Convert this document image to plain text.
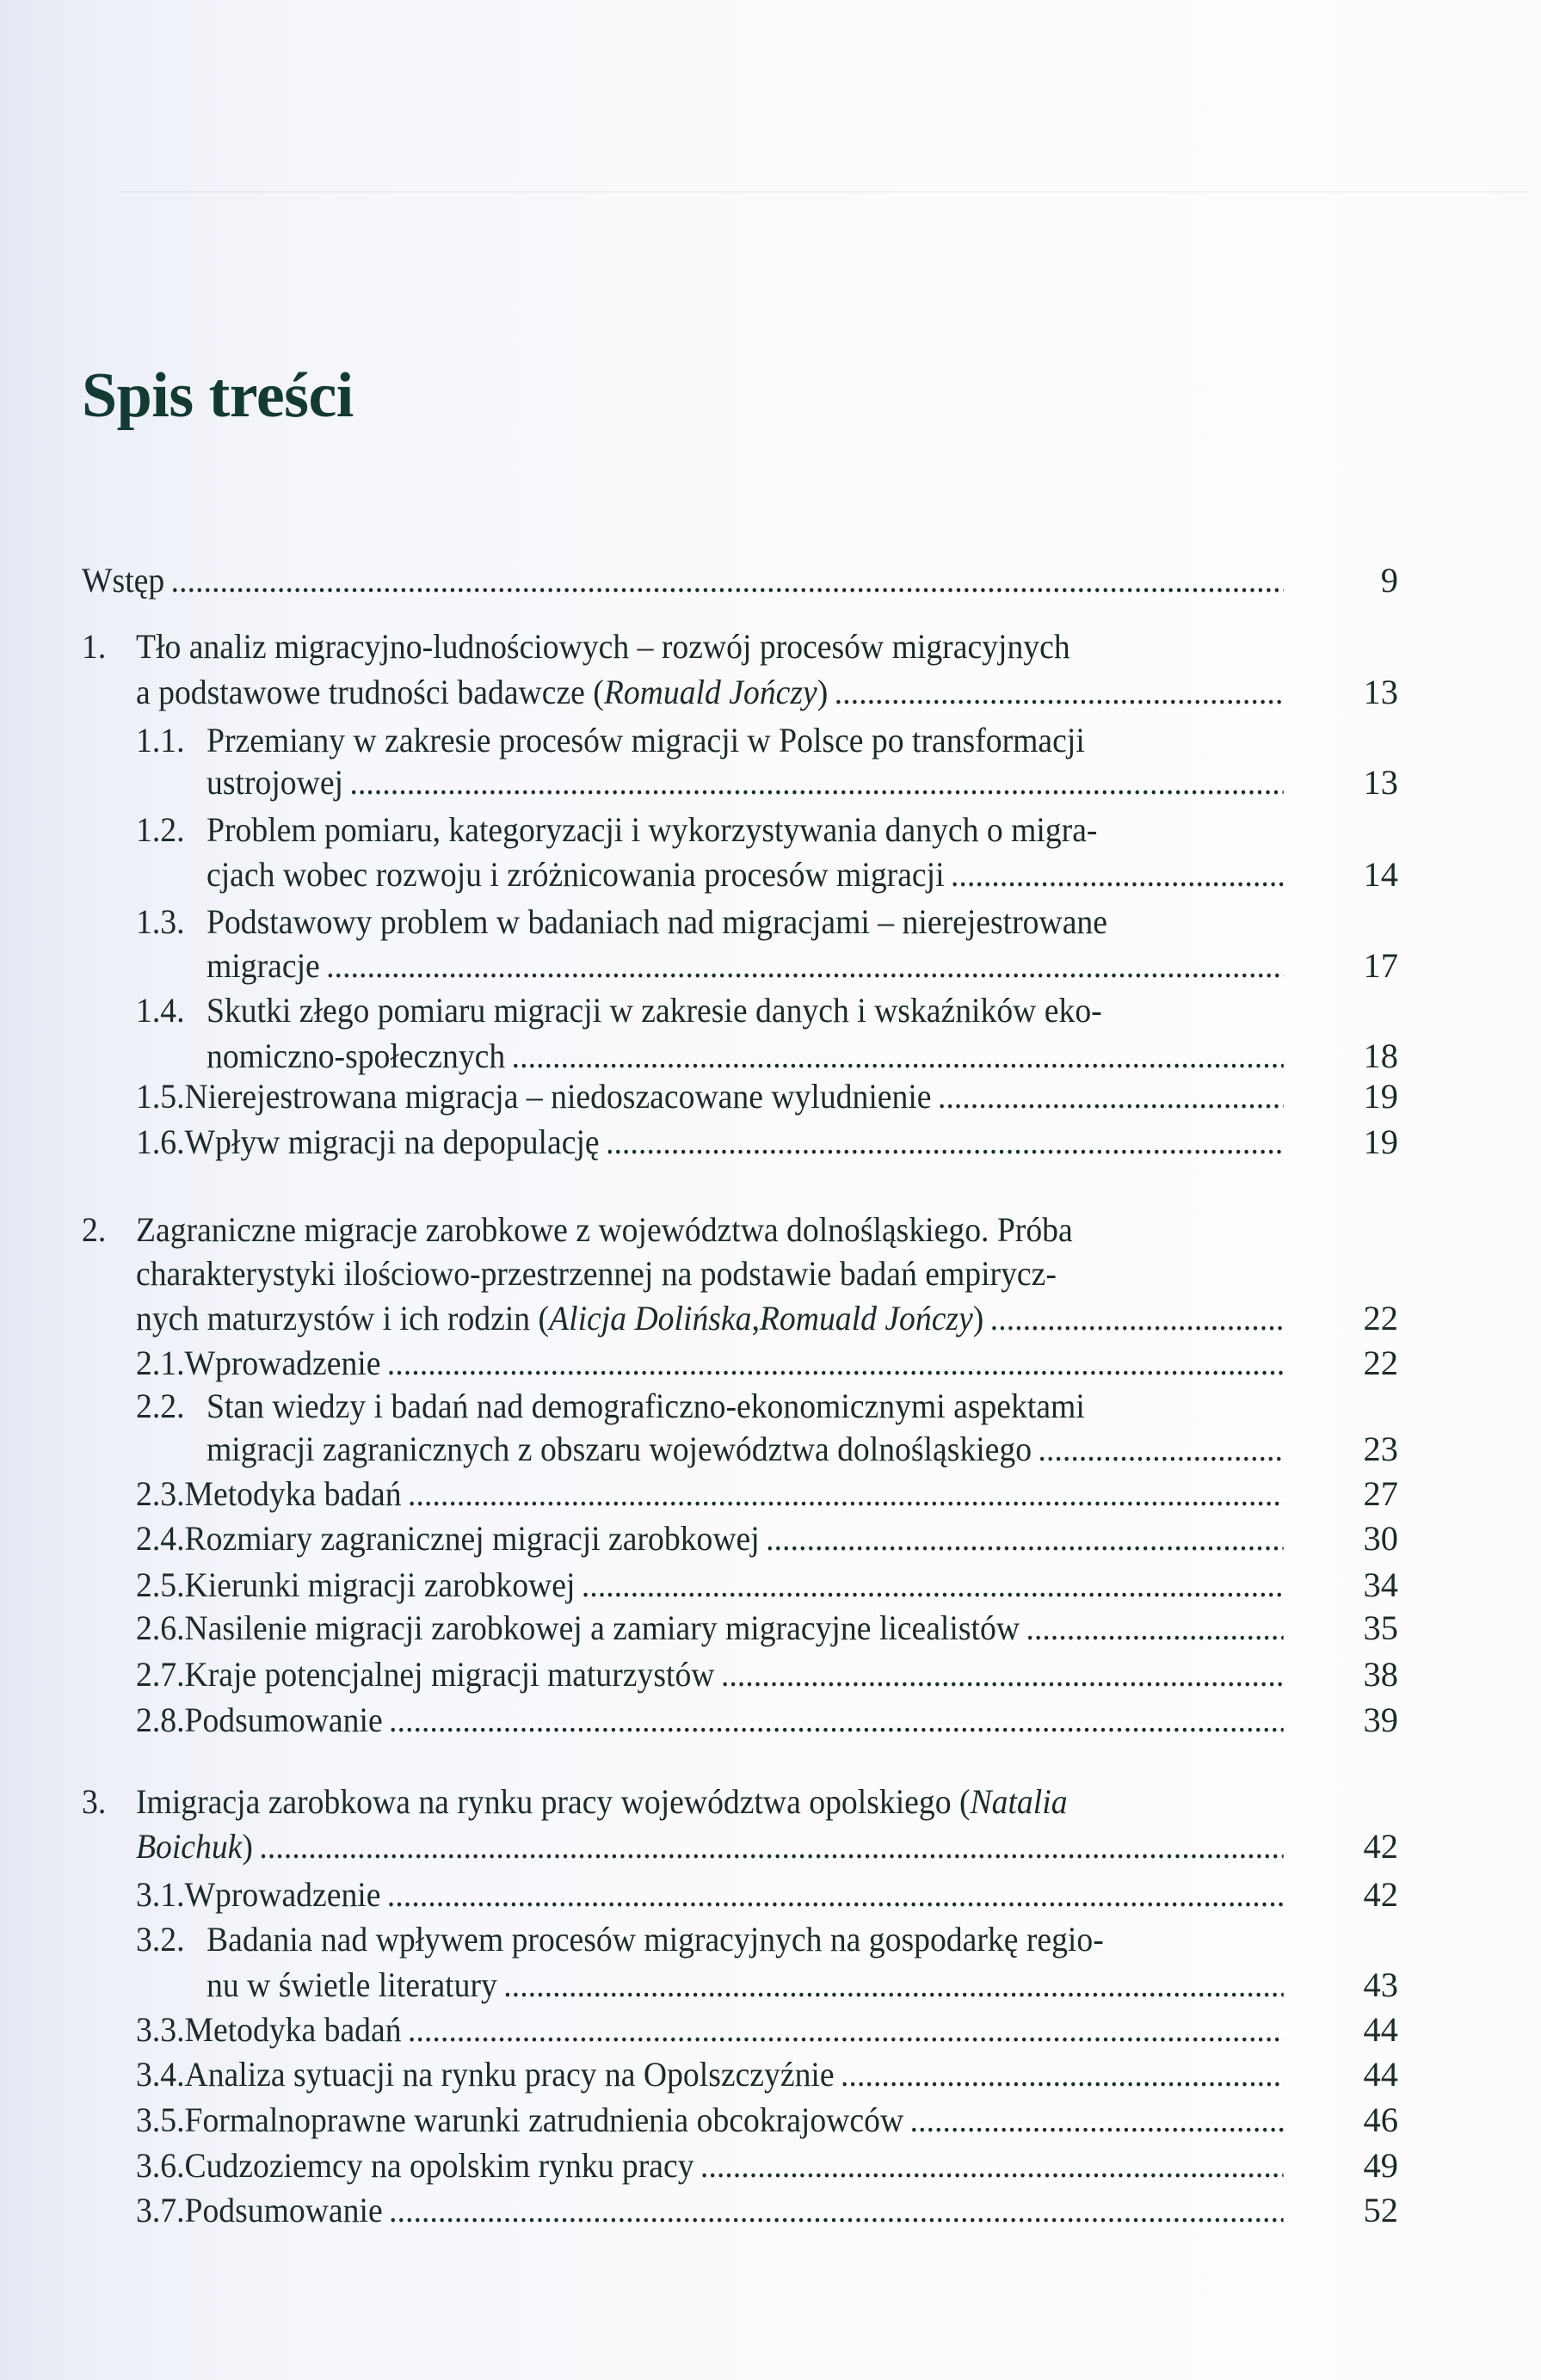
Spis treści
Wstęp .....	9
1. Tło analiz migracyjno-ludnościowych – rozwój procesów migracyjnych
a podstawowe trudności badawcze ( Romuald Jończy ) .....	13
1.1. Przemiany w zakresie procesów migracji w Polsce po transformacji
ustrojowej .....	13
1.2. Problem pomiaru, kategoryzacji i wykorzystywania danych o migra-
cjach wobec rozwoju i zróżnicowania procesów migracji .....	14
1.3. Podstawowy problem w badaniach nad migracjami – nierejestrowane
migracje .....	17
1.4. Skutki złego pomiaru migracji w zakresie danych i wskaźników eko-
nomiczno-społecznych .....	18
1.5. Nierejestrowana migracja – niedoszacowane wyludnienie .....	19
1.6. Wpływ migracji na depopulację .....	19
2. Zagraniczne migracje zarobkowe z województwa dolnośląskiego. Próba
charakterystyki ilościowo-przestrzennej na podstawie badań empirycz-
nych maturzystów i ich rodzin ( Alicja Dolińska , Romuald Jończy ) .....	22
2.1. Wprowadzenie .....	22
2.2. Stan wiedzy i badań nad demograficzno-ekonomicznymi aspektami
migracji zagranicznych z obszaru województwa dolnośląskiego .....	23
2.3. Metodyka badań .....	27
2.4. Rozmiary zagranicznej migracji zarobkowej .....	30
2.5. Kierunki migracji zarobkowej .....	34
2.6. Nasilenie migracji zarobkowej a zamiary migracyjne licealistów .....	35
2.7. Kraje potencjalnej migracji maturzystów .....	38
2.8. Podsumowanie .....	39
3. Imigracja zarobkowa na rynku pracy województwa opolskiego ( Natalia
Boichuk ) .....	42
3.1. Wprowadzenie .....	42
3.2. Badania nad wpływem procesów migracyjnych na gospodarkę regio-
nu w świetle literatury .....	43
3.3. Metodyka badań .....	44
3.4. Analiza sytuacji na rynku pracy na Opolszczyźnie .....	44
3.5. Formalnoprawne warunki zatrudnienia obcokrajowców .....	46
3.6. Cudzoziemcy na opolskim rynku pracy .....	49
3.7. Podsumowanie .....	52
